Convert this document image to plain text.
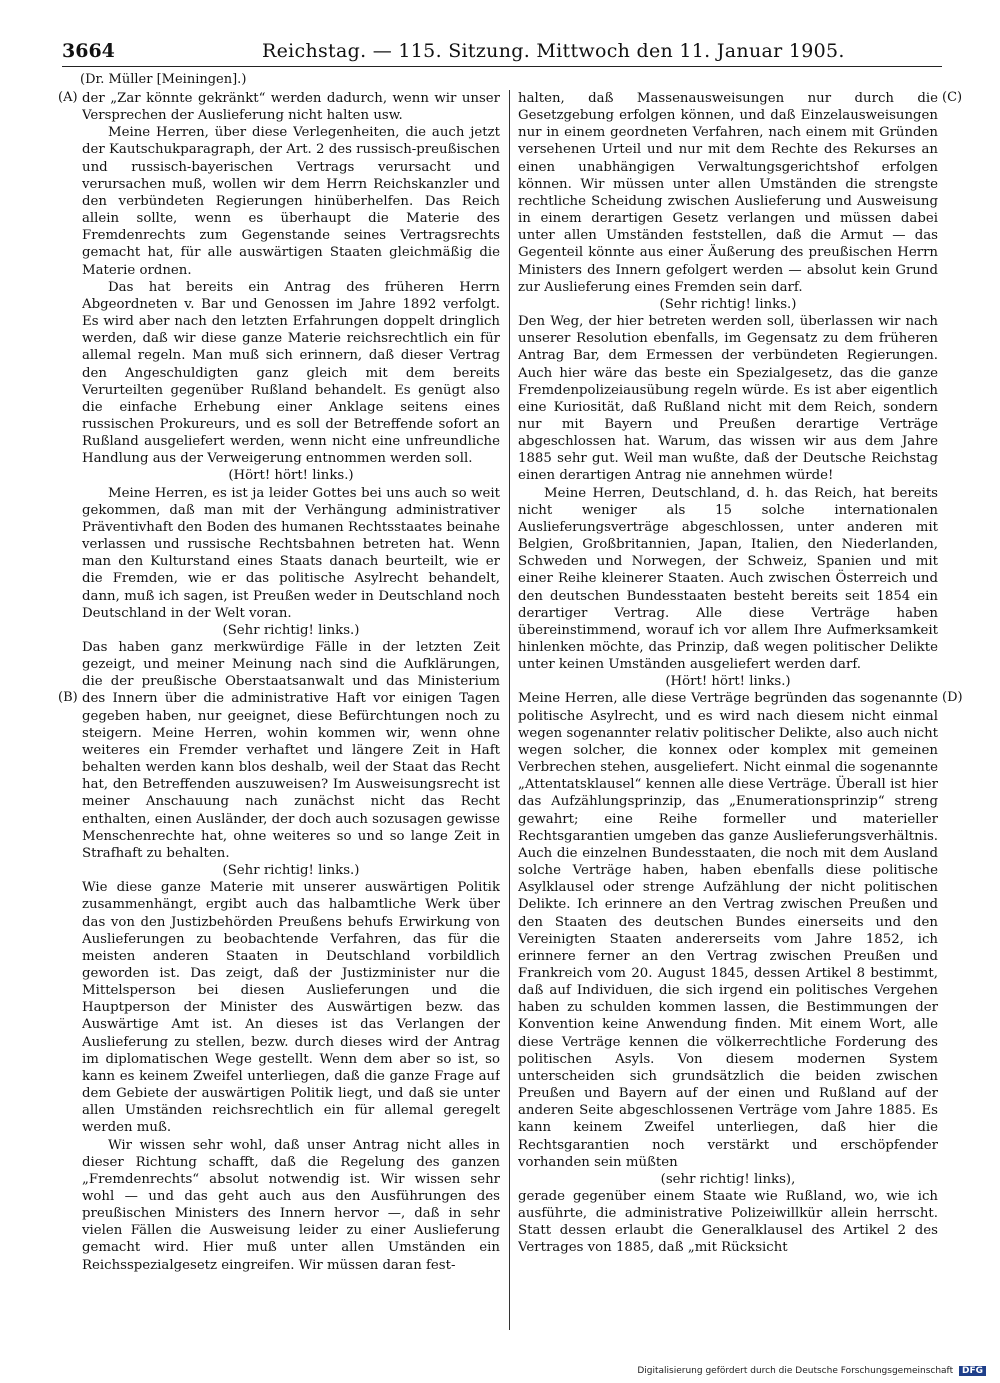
3664	Reichstag. — 115. Sitzung. Mittwoch den 11. Januar 1905.
(Dr. Müller [Meiningen].)

der „Zar könnte gekränkt“ werden dadurch, wenn wir unser Versprechen der Auslieferung nicht halten usw.

Meine Herren, über diese Verlegenheiten, die auch jetzt der Kautschukparagraph, der Art. 2 des russisch-preußischen und russisch-bayerischen Vertrags verursacht und verursachen muß, wollen wir dem Herrn Reichskanzler und den verbündeten Regierungen hinüberhelfen. Das Reich allein sollte, wenn es überhaupt die Materie des Fremdenrechts zum Gegenstande seines Vertragsrechts gemacht hat, für alle auswärtigen Staaten gleichmäßig die Materie ordnen.

Das hat bereits ein Antrag des früheren Herrn Abgeordneten v. Bar und Genossen im Jahre 1892 verfolgt. Es wird aber nach den letzten Erfahrungen doppelt dringlich werden, daß wir diese ganze Materie reichsrechtlich ein für allemal regeln. Man muß sich erinnern, daß dieser Vertrag den Angeschuldigten ganz gleich mit dem bereits Verurteilten gegenüber Rußland behandelt. Es genügt also die einfache Erhebung einer Anklage seitens eines russischen Prokureurs, und es soll der Betreffende sofort an Rußland ausgeliefert werden, wenn nicht eine unfreundliche Handlung aus der Verweigerung entnommen werden soll.

(Hört! hört! links.)

Meine Herren, es ist ja leider Gottes bei uns auch so weit gekommen, daß man mit der Verhängung administrativer Präventivhaft den Boden des humanen Rechtsstaates beinahe verlassen und russische Rechtsbahnen betreten hat. Wenn man den Kulturstand eines Staats danach beurteilt, wie er die Fremden, wie er das politische Asylrecht behandelt, dann, muß ich sagen, ist Preußen weder in Deutschland noch Deutschland in der Welt voran.

(Sehr richtig! links.)

Das haben ganz merkwürdige Fälle in der letzten Zeit gezeigt, und meiner Meinung nach sind die Aufklärungen, die der preußische Oberstaatsanwalt und das Ministerium des Innern über die administrative Haft vor einigen Tagen gegeben haben, nur geeignet, diese Befürchtungen noch zu steigern. Meine Herren, wohin kommen wir, wenn ohne weiteres ein Fremder verhaftet und längere Zeit in Haft behalten werden kann blos deshalb, weil der Staat das Recht hat, den Betreffenden auszuweisen? Im Ausweisungsrecht ist meiner Anschauung nach zunächst nicht das Recht enthalten, einen Ausländer, der doch auch sozusagen gewisse Menschenrechte hat, ohne weiteres so und so lange Zeit in Strafhaft zu behalten.

(Sehr richtig! links.)

Wie diese ganze Materie mit unserer auswärtigen Politik zusammenhängt, ergibt auch das halbamtliche Werk über das von den Justizbehörden Preußens behufs Erwirkung von Auslieferungen zu beobachtende Verfahren, das für die meisten anderen Staaten in Deutschland vorbildlich geworden ist. Das zeigt, daß der Justizminister nur die Mittelsperson bei diesen Auslieferungen und die Hauptperson der Minister des Auswärtigen bezw. das Auswärtige Amt ist. An dieses ist das Verlangen der Auslieferung zu stellen, bezw. durch dieses wird der Antrag im diplomatischen Wege gestellt. Wenn dem aber so ist, so kann es keinem Zweifel unterliegen, daß die ganze Frage auf dem Gebiete der auswärtigen Politik liegt, und daß sie unter allen Umständen reichsrechtlich ein für allemal geregelt werden muß.

Wir wissen sehr wohl, daß unser Antrag nicht alles in dieser Richtung schafft, daß die Regelung des ganzen „Fremdenrechts“ absolut notwendig ist. Wir wissen sehr wohl — und das geht auch aus den Ausführungen des preußischen Ministers des Innern hervor —, daß in sehr vielen Fällen die Ausweisung leider zu einer Auslieferung gemacht wird. Hier muß unter allen Umständen ein Reichsspezialgesetz eingreifen. Wir müssen daran fest-

halten, daß Massenausweisungen nur durch die Gesetzgebung erfolgen können, und daß Einzelausweisungen nur in einem geordneten Verfahren, nach einem mit Gründen versehenen Urteil und nur mit dem Rechte des Rekurses an einen unabhängigen Verwaltungsgerichtshof erfolgen können. Wir müssen unter allen Umständen die strengste rechtliche Scheidung zwischen Auslieferung und Ausweisung in einem derartigen Gesetz verlangen und müssen dabei unter allen Umständen feststellen, daß die Armut — das Gegenteil könnte aus einer Äußerung des preußischen Herrn Ministers des Innern gefolgert werden — absolut kein Grund zur Auslieferung eines Fremden sein darf.

(Sehr richtig! links.)

Den Weg, der hier betreten werden soll, überlassen wir nach unserer Resolution ebenfalls, im Gegensatz zu dem früheren Antrag Bar, dem Ermessen der verbündeten Regierungen. Auch hier wäre das beste ein Spezialgesetz, das die ganze Fremdenpolizeiausübung regeln würde. Es ist aber eigentlich eine Kuriosität, daß Rußland nicht mit dem Reich, sondern nur mit Bayern und Preußen derartige Verträge abgeschlossen hat. Warum, das wissen wir aus dem Jahre 1885 sehr gut. Weil man wußte, daß der Deutsche Reichstag einen derartigen Antrag nie annehmen würde!

Meine Herren, Deutschland, d. h. das Reich, hat bereits nicht weniger als 15 solche internationalen Auslieferungsverträge abgeschlossen, unter anderen mit Belgien, Großbritannien, Japan, Italien, den Niederlanden, Schweden und Norwegen, der Schweiz, Spanien und mit einer Reihe kleinerer Staaten. Auch zwischen Österreich und den deutschen Bundesstaaten besteht bereits seit 1854 ein derartiger Vertrag. Alle diese Verträge haben übereinstimmend, worauf ich vor allem Ihre Aufmerksamkeit hinlenken möchte, das Prinzip, daß wegen politischer Delikte unter keinen Umständen ausgeliefert werden darf.

(Hört! hört! links.)

Meine Herren, alle diese Verträge begründen das sogenannte politische Asylrecht, und es wird nach diesem nicht einmal wegen sogenannter relativ politischer Delikte, also auch nicht wegen solcher, die konnex oder komplex mit gemeinen Verbrechen stehen, ausgeliefert. Nicht einmal die sogenannte „Attentatsklausel“ kennen alle diese Verträge. Überall ist hier das Aufzählungsprinzip, das „Enumerationsprinzip“ streng gewahrt; eine Reihe formeller und materieller Rechtsgarantien umgeben das ganze Auslieferungsverhältnis. Auch die einzelnen Bundesstaaten, die noch mit dem Ausland solche Verträge haben, haben ebenfalls diese politische Asylklausel oder strenge Aufzählung der nicht politischen Delikte. Ich erinnere an den Vertrag zwischen Preußen und den Staaten des deutschen Bundes einerseits und den Vereinigten Staaten andererseits vom Jahre 1852, ich erinnere ferner an den Vertrag zwischen Preußen und Frankreich vom 20. August 1845, dessen Artikel 8 bestimmt, daß auf Individuen, die sich irgend ein politisches Vergehen haben zu schulden kommen lassen, die Bestimmungen der Konvention keine Anwendung finden. Mit einem Wort, alle diese Verträge kennen die völkerrechtliche Forderung des politischen Asyls. Von diesem modernen System unterscheiden sich grundsätzlich die beiden zwischen Preußen und Bayern auf der einen und Rußland auf der anderen Seite abgeschlossenen Verträge vom Jahre 1885. Es kann keinem Zweifel unterliegen, daß hier die Rechtsgarantien noch verstärkt und erschöpfender vorhanden sein müßten

(sehr richtig! links),

gerade gegenüber einem Staate wie Rußland, wo, wie ich ausführte, die administrative Polizeiwillkür allein herrscht. Statt dessen erlaubt die Generalklausel des Artikel 2 des Vertrages von 1885, daß „mit Rücksicht

(A)
(B)
(C)
(D)
Digitalisierung gefördert durch die Deutsche Forschungsgemeinschaft DFG
